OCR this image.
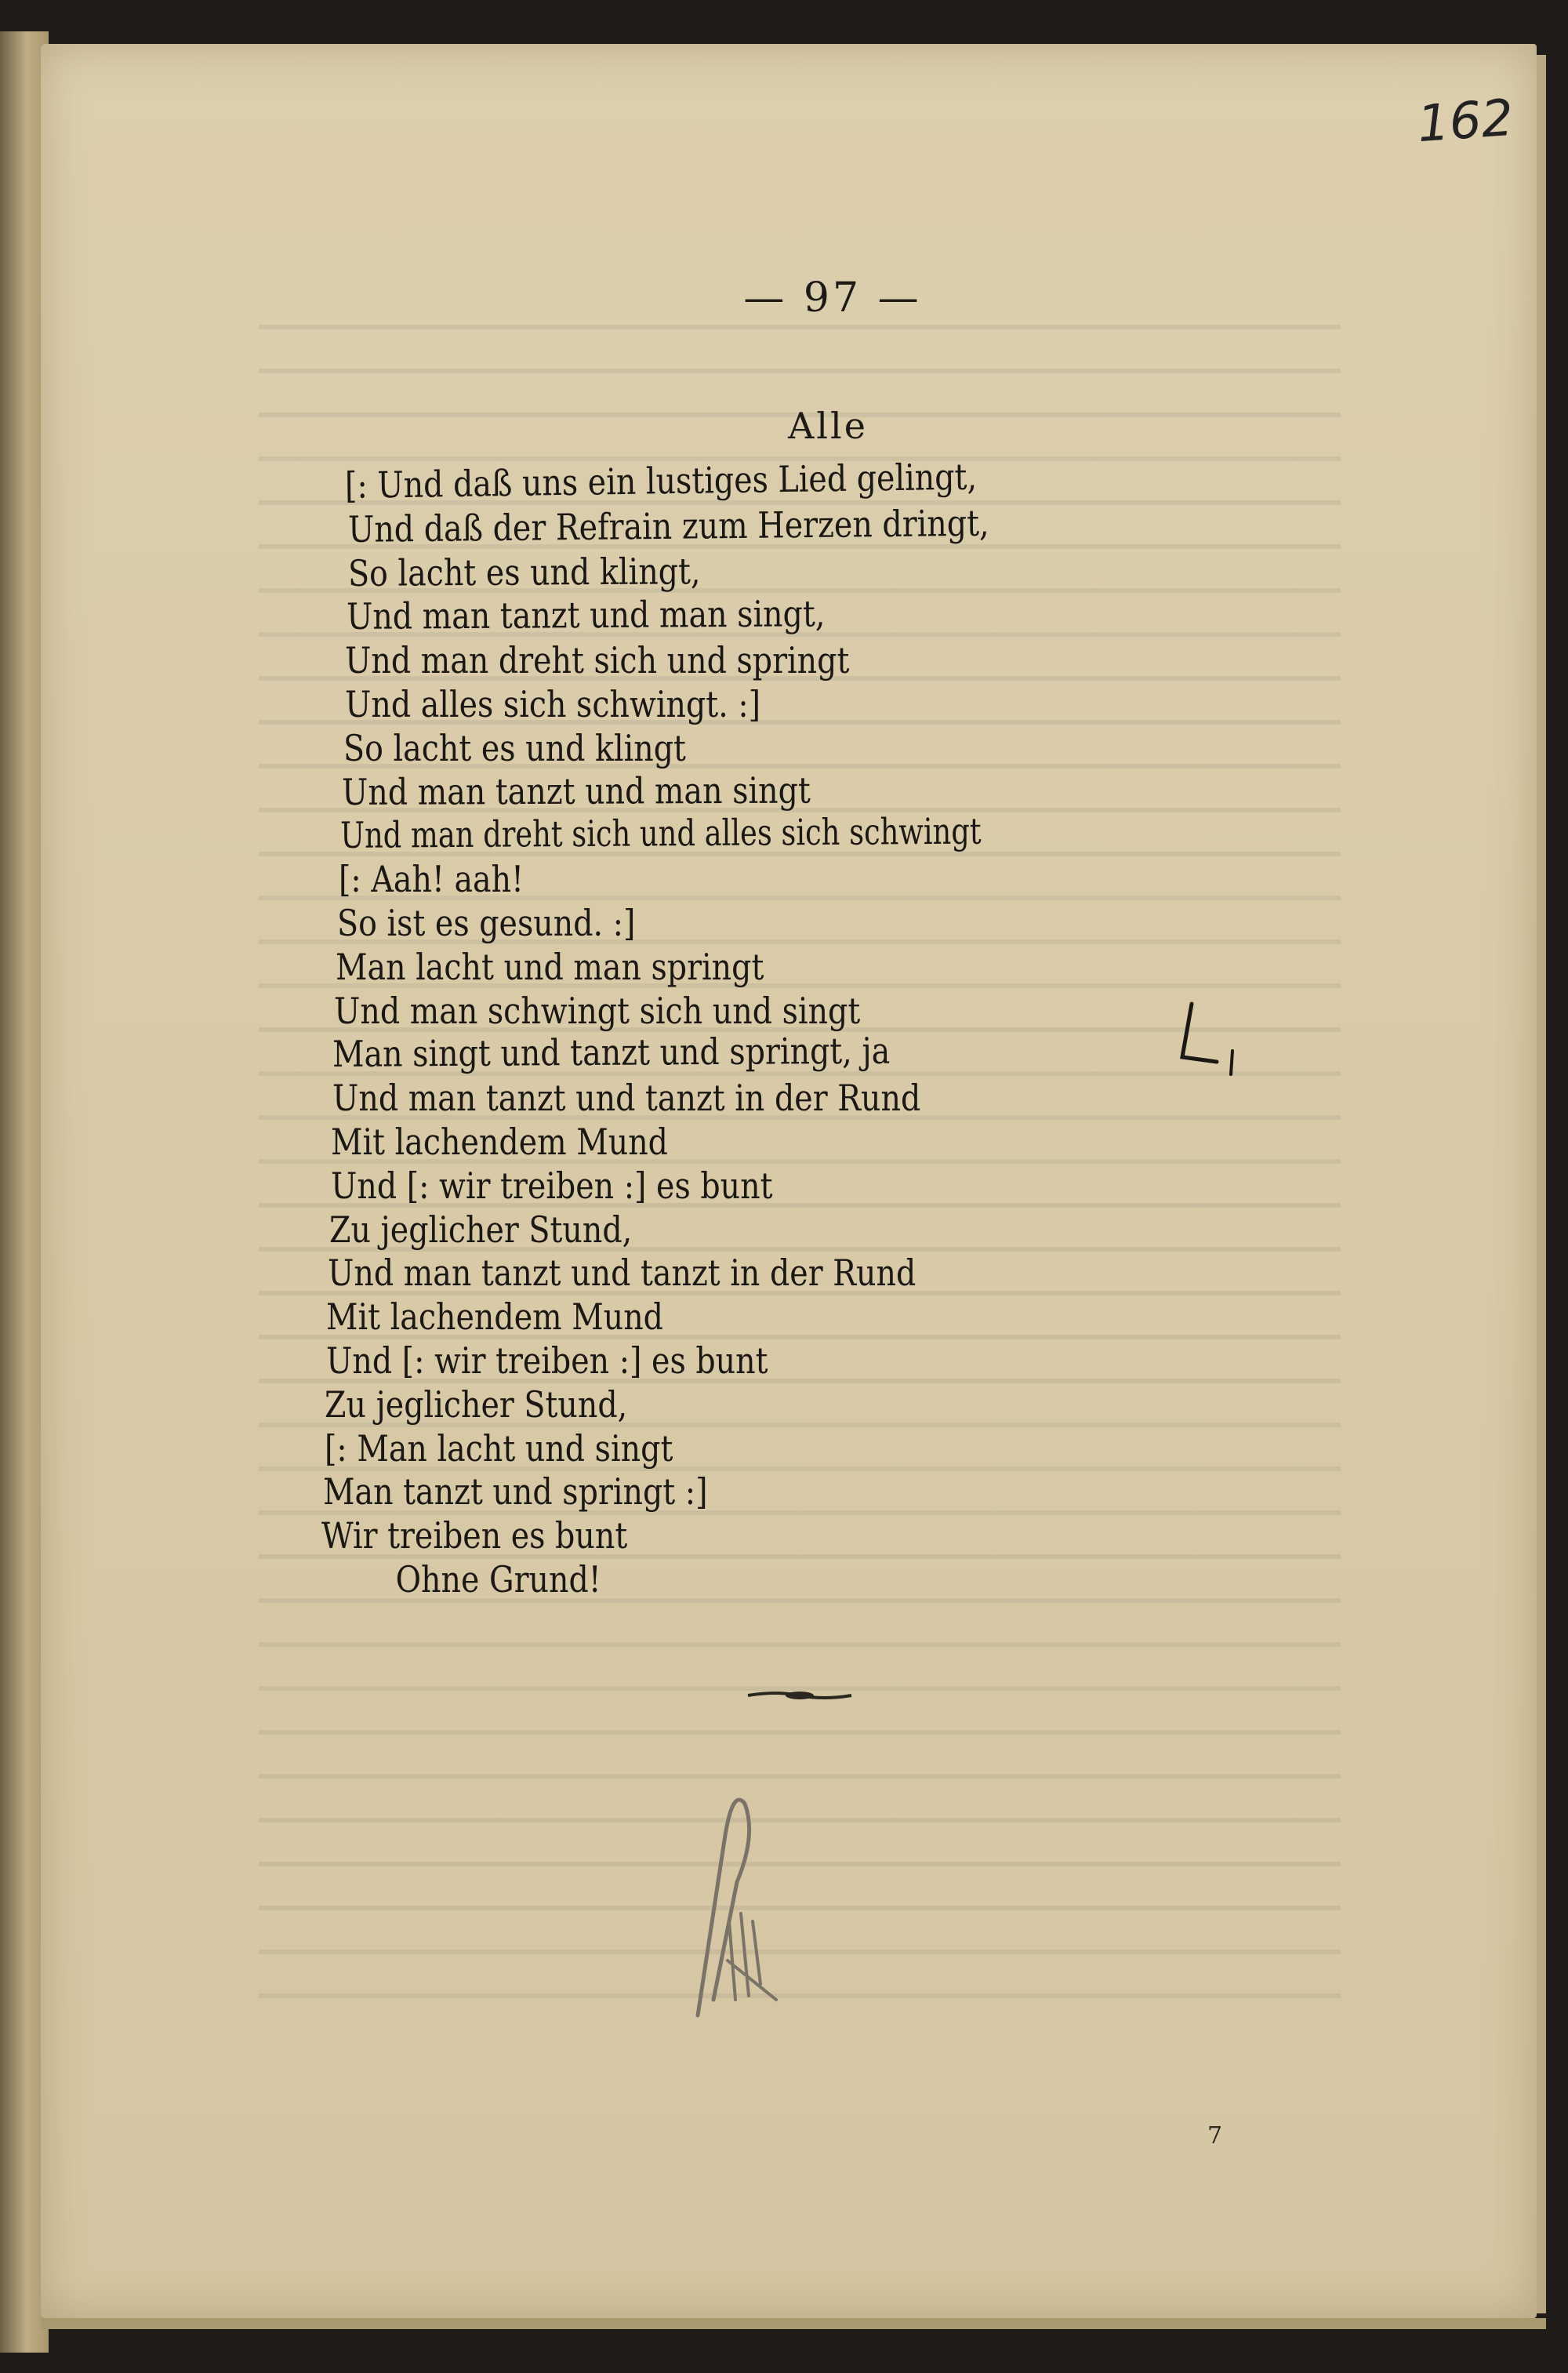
162
— 97 —
Alle
[: Und daß uns ein lustiges Lied gelingt,
Und daß der Refrain zum Herzen dringt,
So lacht es und klingt,
Und man tanzt und man singt,
Und man dreht sich und springt
Und alles sich schwingt. :]
So lacht es und klingt
Und man tanzt und man singt
Und man dreht sich und alles sich schwingt
[: Aah! aah!
So ist es gesund. :]
Man lacht und man springt
Und man schwingt sich und singt
Man singt und tanzt und springt, ja
Und man tanzt und tanzt in der Rund
Mit lachendem Mund
Und [: wir treiben :] es bunt
Zu jeglicher Stund,
Und man tanzt und tanzt in der Rund
Mit lachendem Mund
Und [: wir treiben :] es bunt
Zu jeglicher Stund,
[: Man lacht und singt
Man tanzt und springt :]
Wir treiben es bunt
Ohne Grund!
7
